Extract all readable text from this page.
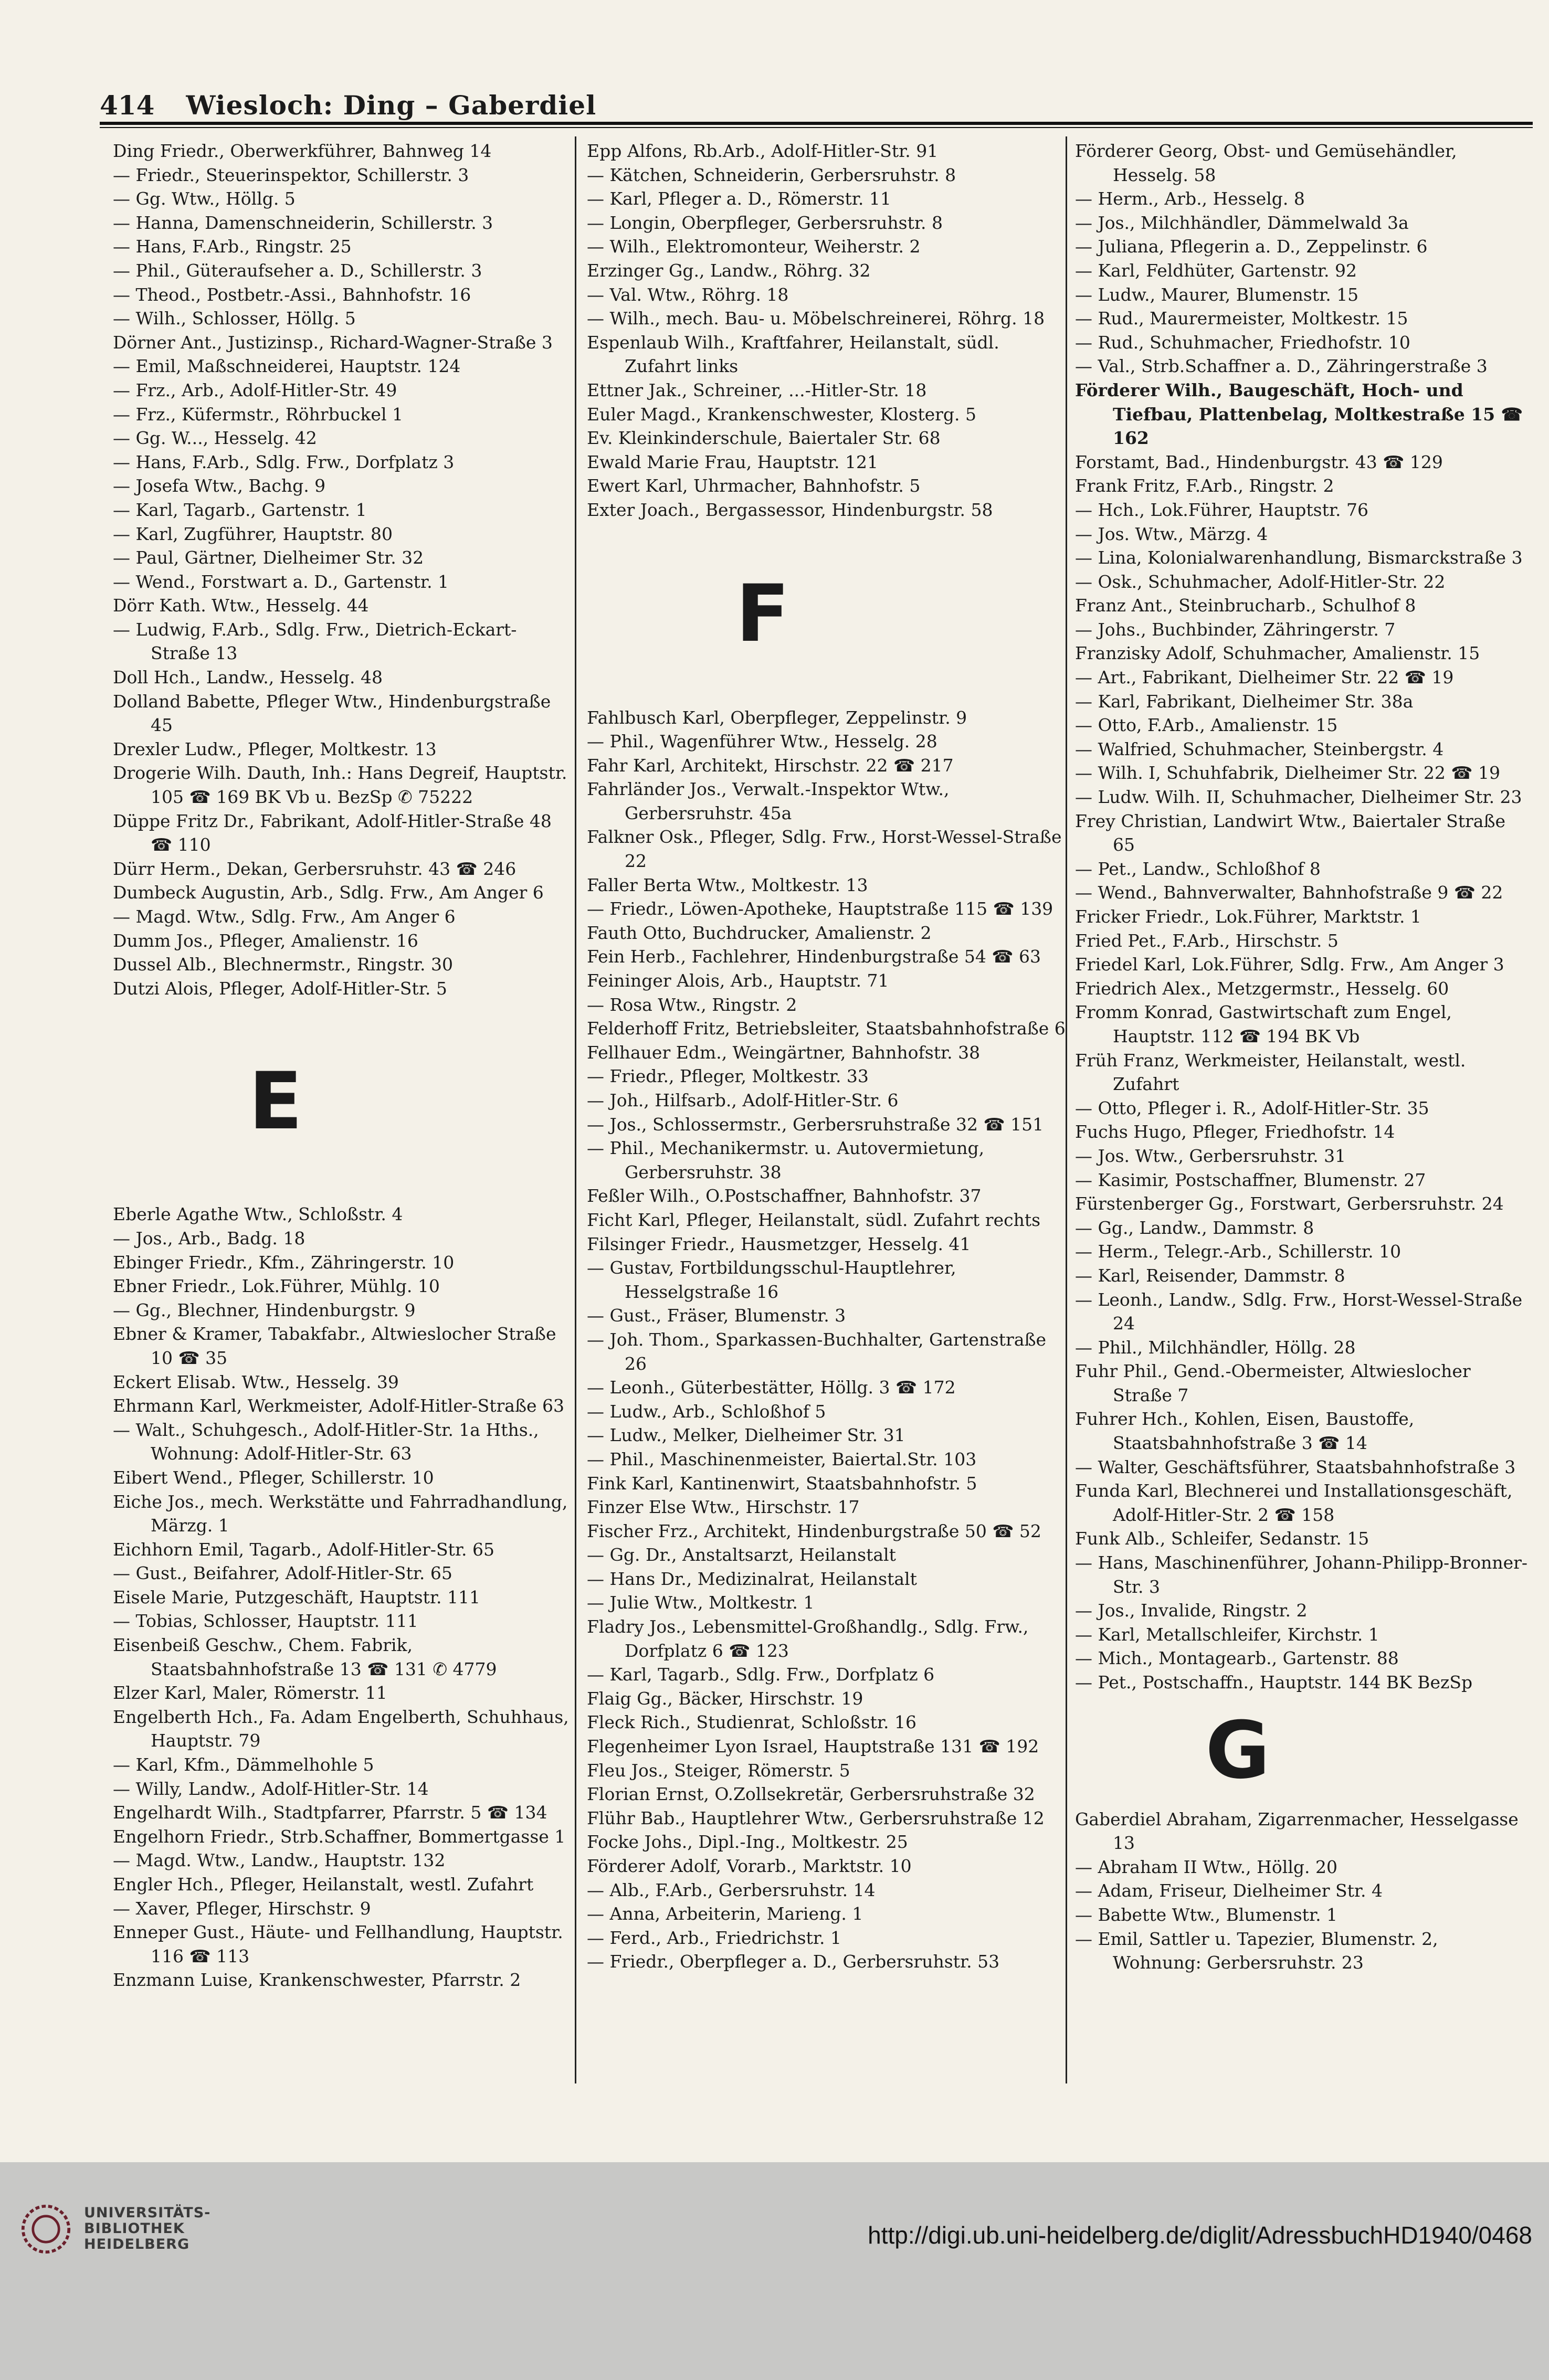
414 Wiesloch: Ding – Gaberdiel
Ding Friedr., Oberwerkführer, Bahnweg 14
— Friedr., Steuerinspektor, Schillerstr. 3
— Gg. Wtw., Höllg. 5
— Hanna, Damenschneiderin, Schillerstr. 3
— Hans, F.Arb., Ringstr. 25
— Phil., Güteraufseher a. D., Schillerstr. 3
— Theod., Postbetr.-Assi., Bahnhofstr. 16
— Wilh., Schlosser, Höllg. 5
Dörner Ant., Justizinsp., Richard-Wagner-Straße 3
— Emil, Maßschneiderei, Hauptstr. 124
— Frz., Arb., Adolf-Hitler-Str. 49
— Frz., Küfermstr., Röhrbuckel 1
— Gg. W..., Hesselg. 42
— Hans, F.Arb., Sdlg. Frw., Dorfplatz 3
— Josefa Wtw., Bachg. 9
— Karl, Tagarb., Gartenstr. 1
— Karl, Zugführer, Hauptstr. 80
— Paul, Gärtner, Dielheimer Str. 32
— Wend., Forstwart a. D., Gartenstr. 1
Dörr Kath. Wtw., Hesselg. 44
— Ludwig, F.Arb., Sdlg. Frw., Dietrich-Eckart-Straße 13
Doll Hch., Landw., Hesselg. 48
Dolland Babette, Pfleger Wtw., Hindenburgstraße 45
Drexler Ludw., Pfleger, Moltkestr. 13
Drogerie Wilh. Dauth, Inh.: Hans Degreif, Hauptstr. 105 ☎ 169 BK Vb u. BezSp ✆ 75222
Düppe Fritz Dr., Fabrikant, Adolf-Hitler-Straße 48 ☎ 110
Dürr Herm., Dekan, Gerbersruhstr. 43 ☎ 246
Dumbeck Augustin, Arb., Sdlg. Frw., Am Anger 6
— Magd. Wtw., Sdlg. Frw., Am Anger 6
Dumm Jos., Pfleger, Amalienstr. 16
Dussel Alb., Blechnermstr., Ringstr. 30
Dutzi Alois, Pfleger, Adolf-Hitler-Str. 5
E
Eberle Agathe Wtw., Schloßstr. 4
— Jos., Arb., Badg. 18
Ebinger Friedr., Kfm., Zähringerstr. 10
Ebner Friedr., Lok.Führer, Mühlg. 10
— Gg., Blechner, Hindenburgstr. 9
Ebner & Kramer, Tabakfabr., Altwieslocher Straße 10 ☎ 35
Eckert Elisab. Wtw., Hesselg. 39
Ehrmann Karl, Werkmeister, Adolf-Hitler-Straße 63
— Walt., Schuhgesch., Adolf-Hitler-Str. 1a Hths., Wohnung: Adolf-Hitler-Str. 63
Eibert Wend., Pfleger, Schillerstr. 10
Eiche Jos., mech. Werkstätte und Fahrradhandlung, Märzg. 1
Eichhorn Emil, Tagarb., Adolf-Hitler-Str. 65
— Gust., Beifahrer, Adolf-Hitler-Str. 65
Eisele Marie, Putzgeschäft, Hauptstr. 111
— Tobias, Schlosser, Hauptstr. 111
Eisenbeiß Geschw., Chem. Fabrik, Staatsbahnhofstraße 13 ☎ 131 ✆ 4779
Elzer Karl, Maler, Römerstr. 11
Engelberth Hch., Fa. Adam Engelberth, Schuhhaus, Hauptstr. 79
— Karl, Kfm., Dämmelhohle 5
— Willy, Landw., Adolf-Hitler-Str. 14
Engelhardt Wilh., Stadtpfarrer, Pfarrstr. 5 ☎ 134
Engelhorn Friedr., Strb.Schaffner, Bommertgasse 1
— Magd. Wtw., Landw., Hauptstr. 132
Engler Hch., Pfleger, Heilanstalt, westl. Zufahrt
— Xaver, Pfleger, Hirschstr. 9
Enneper Gust., Häute- und Fellhandlung, Hauptstr. 116 ☎ 113
Enzmann Luise, Krankenschwester, Pfarrstr. 2
Epp Alfons, Rb.Arb., Adolf-Hitler-Str. 91
— Kätchen, Schneiderin, Gerbersruhstr. 8
— Karl, Pfleger a. D., Römerstr. 11
— Longin, Oberpfleger, Gerbersruhstr. 8
— Wilh., Elektromonteur, Weiherstr. 2
Erzinger Gg., Landw., Röhrg. 32
— Val. Wtw., Röhrg. 18
— Wilh., mech. Bau- u. Möbelschreinerei, Röhrg. 18
Espenlaub Wilh., Kraftfahrer, Heilanstalt, südl. Zufahrt links
Ettner Jak., Schreiner, ...-Hitler-Str. 18
Euler Magd., Krankenschwester, Klosterg. 5
Ev. Kleinkinderschule, Baiertaler Str. 68
Ewald Marie Frau, Hauptstr. 121
Ewert Karl, Uhrmacher, Bahnhofstr. 5
Exter Joach., Bergassessor, Hindenburgstr. 58
F
Fahlbusch Karl, Oberpfleger, Zeppelinstr. 9
— Phil., Wagenführer Wtw., Hesselg. 28
Fahr Karl, Architekt, Hirschstr. 22 ☎ 217
Fahrländer Jos., Verwalt.-Inspektor Wtw., Gerbersruhstr. 45a
Falkner Osk., Pfleger, Sdlg. Frw., Horst-Wessel-Straße 22
Faller Berta Wtw., Moltkestr. 13
— Friedr., Löwen-Apotheke, Hauptstraße 115 ☎ 139
Fauth Otto, Buchdrucker, Amalienstr. 2
Fein Herb., Fachlehrer, Hindenburgstraße 54 ☎ 63
Feininger Alois, Arb., Hauptstr. 71
— Rosa Wtw., Ringstr. 2
Felderhoff Fritz, Betriebsleiter, Staatsbahnhofstraße 6
Fellhauer Edm., Weingärtner, Bahnhofstr. 38
— Friedr., Pfleger, Moltkestr. 33
— Joh., Hilfsarb., Adolf-Hitler-Str. 6
— Jos., Schlossermstr., Gerbersruhstraße 32 ☎ 151
— Phil., Mechanikermstr. u. Autovermietung, Gerbersruhstr. 38
Feßler Wilh., O.Postschaffner, Bahnhofstr. 37
Ficht Karl, Pfleger, Heilanstalt, südl. Zufahrt rechts
Filsinger Friedr., Hausmetzger, Hesselg. 41
— Gustav, Fortbildungsschul-Hauptlehrer, Hesselgstraße 16
— Gust., Fräser, Blumenstr. 3
— Joh. Thom., Sparkassen-Buchhalter, Gartenstraße 26
— Leonh., Güterbestätter, Höllg. 3 ☎ 172
— Ludw., Arb., Schloßhof 5
— Ludw., Melker, Dielheimer Str. 31
— Phil., Maschinenmeister, Baiertal.Str. 103
Fink Karl, Kantinenwirt, Staatsbahnhofstr. 5
Finzer Else Wtw., Hirschstr. 17
Fischer Frz., Architekt, Hindenburgstraße 50 ☎ 52
— Gg. Dr., Anstaltsarzt, Heilanstalt
— Hans Dr., Medizinalrat, Heilanstalt
— Julie Wtw., Moltkestr. 1
Fladry Jos., Lebensmittel-Großhandlg., Sdlg. Frw., Dorfplatz 6 ☎ 123
— Karl, Tagarb., Sdlg. Frw., Dorfplatz 6
Flaig Gg., Bäcker, Hirschstr. 19
Fleck Rich., Studienrat, Schloßstr. 16
Flegenheimer Lyon Israel, Hauptstraße 131 ☎ 192
Fleu Jos., Steiger, Römerstr. 5
Florian Ernst, O.Zollsekretär, Gerbersruhstraße 32
Flühr Bab., Hauptlehrer Wtw., Gerbersruhstraße 12
Focke Johs., Dipl.-Ing., Moltkestr. 25
Förderer Adolf, Vorarb., Marktstr. 10
— Alb., F.Arb., Gerbersruhstr. 14
— Anna, Arbeiterin, Marieng. 1
— Ferd., Arb., Friedrichstr. 1
— Friedr., Oberpfleger a. D., Gerbersruhstr. 53
Förderer Georg, Obst- und Gemüsehändler, Hesselg. 58
— Herm., Arb., Hesselg. 8
— Jos., Milchhändler, Dämmelwald 3a
— Juliana, Pflegerin a. D., Zeppelinstr. 6
— Karl, Feldhüter, Gartenstr. 92
— Ludw., Maurer, Blumenstr. 15
— Rud., Maurermeister, Moltkestr. 15
— Rud., Schuhmacher, Friedhofstr. 10
— Val., Strb.Schaffner a. D., Zähringerstraße 3
Förderer Wilh., Baugeschäft, Hoch- und Tiefbau, Plattenbelag, Moltkestraße 15 ☎ 162
Forstamt, Bad., Hindenburgstr. 43 ☎ 129
Frank Fritz, F.Arb., Ringstr. 2
— Hch., Lok.Führer, Hauptstr. 76
— Jos. Wtw., Märzg. 4
— Lina, Kolonialwarenhandlung, Bismarckstraße 3
— Osk., Schuhmacher, Adolf-Hitler-Str. 22
Franz Ant., Steinbrucharb., Schulhof 8
— Johs., Buchbinder, Zähringerstr. 7
Franzisky Adolf, Schuhmacher, Amalienstr. 15
— Art., Fabrikant, Dielheimer Str. 22 ☎ 19
— Karl, Fabrikant, Dielheimer Str. 38a
— Otto, F.Arb., Amalienstr. 15
— Walfried, Schuhmacher, Steinbergstr. 4
— Wilh. I, Schuhfabrik, Dielheimer Str. 22 ☎ 19
— Ludw. Wilh. II, Schuhmacher, Dielheimer Str. 23
Frey Christian, Landwirt Wtw., Baiertaler Straße 65
— Pet., Landw., Schloßhof 8
— Wend., Bahnverwalter, Bahnhofstraße 9 ☎ 22
Fricker Friedr., Lok.Führer, Marktstr. 1
Fried Pet., F.Arb., Hirschstr. 5
Friedel Karl, Lok.Führer, Sdlg. Frw., Am Anger 3
Friedrich Alex., Metzgermstr., Hesselg. 60
Fromm Konrad, Gastwirtschaft zum Engel, Hauptstr. 112 ☎ 194 BK Vb
Früh Franz, Werkmeister, Heilanstalt, westl. Zufahrt
— Otto, Pfleger i. R., Adolf-Hitler-Str. 35
Fuchs Hugo, Pfleger, Friedhofstr. 14
— Jos. Wtw., Gerbersruhstr. 31
— Kasimir, Postschaffner, Blumenstr. 27
Fürstenberger Gg., Forstwart, Gerbersruhstr. 24
— Gg., Landw., Dammstr. 8
— Herm., Telegr.-Arb., Schillerstr. 10
— Karl, Reisender, Dammstr. 8
— Leonh., Landw., Sdlg. Frw., Horst-Wessel-Straße 24
— Phil., Milchhändler, Höllg. 28
Fuhr Phil., Gend.-Obermeister, Altwieslocher Straße 7
Fuhrer Hch., Kohlen, Eisen, Baustoffe, Staatsbahnhofstraße 3 ☎ 14
— Walter, Geschäftsführer, Staatsbahnhofstraße 3
Funda Karl, Blechnerei und Installationsgeschäft, Adolf-Hitler-Str. 2 ☎ 158
Funk Alb., Schleifer, Sedanstr. 15
— Hans, Maschinenführer, Johann-Philipp-Bronner-Str. 3
— Jos., Invalide, Ringstr. 2
— Karl, Metallschleifer, Kirchstr. 1
— Mich., Montagearb., Gartenstr. 88
— Pet., Postschaffn., Hauptstr. 144 BK BezSp
G
Gaberdiel Abraham, Zigarrenmacher, Hesselgasse 13
— Abraham II Wtw., Höllg. 20
— Adam, Friseur, Dielheimer Str. 4
— Babette Wtw., Blumenstr. 1
— Emil, Sattler u. Tapezier, Blumenstr. 2, Wohnung: Gerbersruhstr. 23
UNIVERSITÄTS-
BIBLIOTHEK
HEIDELBERG	http://digi.ub.uni-heidelberg.de/diglit/AdressbuchHD1940/0468
